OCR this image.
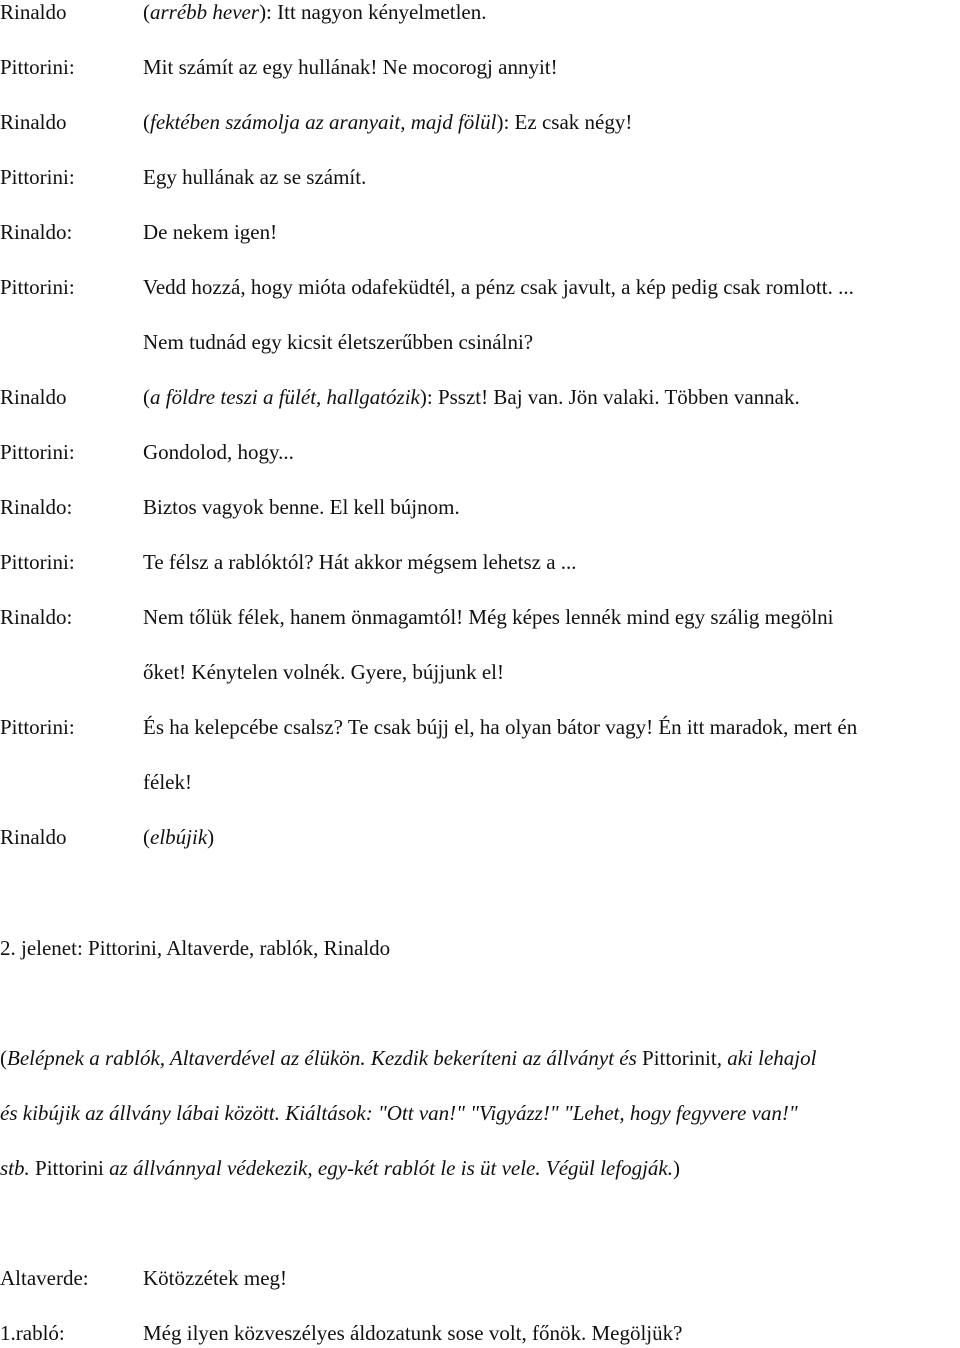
Rinaldo	(arrébb hever): Itt nagyon kényelmetlen.
Pittorini:	Mit számít az egy hullának! Ne mocorogj annyit!
Rinaldo	(fektében számolja az aranyait, majd fölül): Ez csak négy!
Pittorini:	Egy hullának az se számít.
Rinaldo:	De nekem igen!
Pittorini:	Vedd hozzá, hogy mióta odafeküdtél, a pénz csak javult, a kép pedig csak romlott. ...
Nem tudnád egy kicsit életszerűbben csinálni?
Rinaldo	(a földre teszi a fülét, hallgatózik): Psszt! Baj van. Jön valaki. Többen vannak.
Pittorini:	Gondolod, hogy...
Rinaldo:	Biztos vagyok benne. El kell bújnom.
Pittorini:	Te félsz a rablóktól? Hát akkor mégsem lehetsz a ...
Rinaldo:	Nem tőlük félek, hanem önmagamtól! Még képes lennék mind egy szálig megölni
őket! Kénytelen volnék. Gyere, bújjunk el!
Pittorini:	És ha kelepcébe csalsz? Te csak bújj el, ha olyan bátor vagy! Én itt maradok, mert én
félek!
Rinaldo	(elbújik)
2. jelenet: Pittorini, Altaverde, rablók, Rinaldo
(Belépnek a rablók, Altaverdével az élükön. Kezdik bekeríteni az állványt és Pittorinit, aki lehajol
és kibújik az állvány lábai között. Kiáltások: "Ott van!" "Vigyázz!" "Lehet, hogy fegyvere van!"
stb. Pittorini az állvánnyal védekezik, egy-két rablót le is üt vele. Végül lefogják.)
Altaverde:	Kötözzétek meg!
1.rabló:	Még ilyen közveszélyes áldozatunk sose volt, főnök. Megöljük?
